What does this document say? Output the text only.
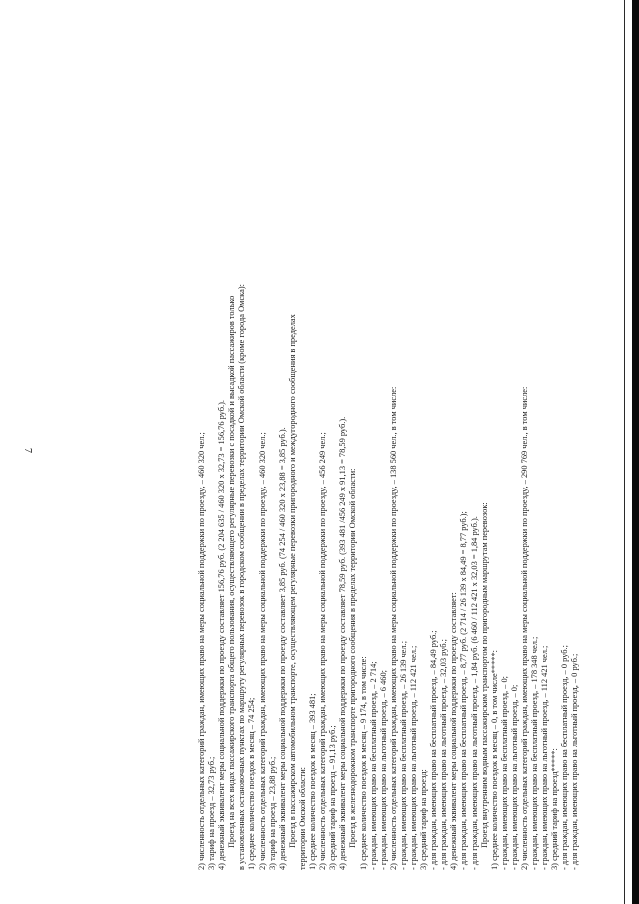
7	2) численность отдельных категорий граждан, имеющих право на меры социальной поддержки по проезду, – 460 320 чел.; 3) тариф на проезд – 32,73 руб.; 4) денежный эквивалент меры социальной поддержки по проезду составляет 156,76 руб. (2 204 635 / 460 320 х 32,73 = 156,76 руб.). Проезд на всех видах пассажирского транспорта общего пользования, осуществляющего регулярные перевозки с посадкой и высадкой пассажиров только в установленных остановочных пунктах по маршруту регулярных перевозок в городском сообщении в пределах территории Омской области (кроме города Омска): 1) среднее количество поездок в месяц – 74 254; 2) численность отдельных категорий граждан, имеющих право на меры социальной поддержки по проезду, – 460 320 чел.; 3) тариф на проезд – 23,88 руб.; 4) денежный эквивалент меры социальной поддержки по проезду составляет 3,85 руб. (74 254 / 460 320 х 23,88 = 3,85 руб.). Проезд в пассажирском автомобильном транспорте, осуществляющем регулярные перевозки пригородного и междугородного сообщения в пределах территории Омской области: 1) среднее количество поездок в месяц – 393 481; 2) численность отдельных категорий граждан, имеющих право на меры социальной поддержки по проезду, – 456 249 чел.; 3) средний тариф на проезд – 91,13 руб.; 4) денежный эквивалент меры социальной поддержки по проезду составляет 78,59 руб. (393 481 /456 249 х 91,13 = 78,59 руб.). Проезд в железнодорожном транспорте пригородного сообщения в пределах территории Омской области: 1) среднее количество поездок в месяц – 9 174, в том числе: - граждан, имеющих право на бесплатный проезд, – 2 714; - граждан, имеющих право на льготный проезд, – 6 460; 2) численность отдельных категорий граждан, имеющих право на меры социальной поддержки по проезду, – 138 560 чел., в том числе: - граждан, имеющих право на бесплатный проезд, – 26 139 чел.; - граждан, имеющих право на льготный проезд, – 112 421 чел.; 3) средний тариф на проезд: - для граждан, имеющих право на бесплатный проезд, – 84,49 руб.; - для граждан, имеющих право на льготный проезд, – 32,03 руб.; 4) денежный эквивалент меры социальной поддержки по проезду составляет: - для граждан, имеющих право на бесплатный проезд, – 8,77 руб. (2 714 / 26 139 х 84,49 = 8,77 руб.); - для граждан, имеющих право на льготный проезд, – 1,84 руб. (6 460 / 112 421 х 32,03 = 1,84 руб.). Проезд внутренним водным пассажирским транспортом по пригородным маршрутам перевозок: 1) среднее количество поездок в месяц – 0, в том числе*****: - граждан, имеющих право на бесплатный проезд, – 0; - граждан, имеющих право на льготный проезд, – 0; 2) численность отдельных категорий граждан, имеющих право на меры социальной поддержки по проезду, – 290 769 чел., в том числе: - граждан, имеющих право на бесплатный проезд, – 178 348 чел.; - граждан, имеющих право на льготный проезд, – 112 421 чел.; 3) средний тариф на проезд*****: - для граждан, имеющих право на бесплатный проезд, – 0 руб.; - для граждан, имеющих право на льготный проезд, – 0 руб.;
